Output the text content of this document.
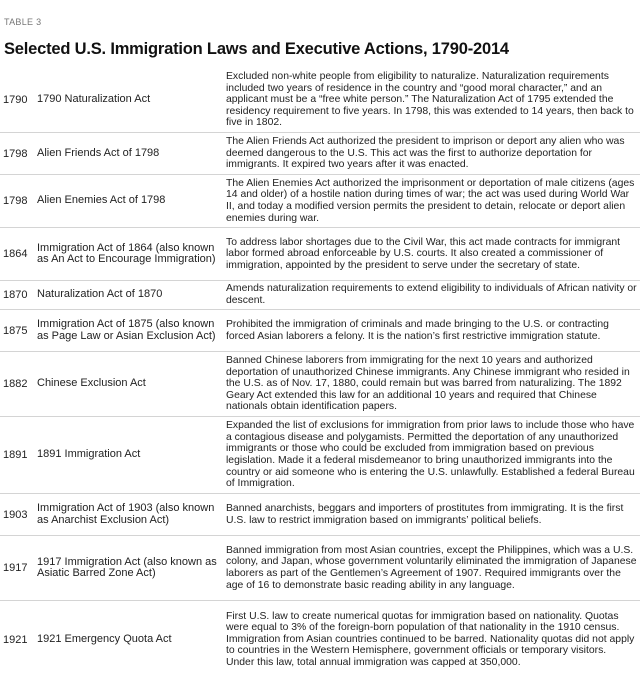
TABLE 3
Selected U.S. Immigration Laws and Executive Actions, 1790-2014
1790 1790 Naturalization Act
Excluded non-white people from eligibility to naturalize. Naturalization requirements included two years of residence in the country and “good moral character,” and an applicant must be a “free white person.” The Naturalization Act of 1795 extended the residency requirement to five years. In 1798, this was extended to 14 years, then back to five in 1802.
1798 Alien Friends Act of 1798
The Alien Friends Act authorized the president to imprison or deport any alien who was deemed dangerous to the U.S. This act was the first to authorize deportation for immigrants. It expired two years after it was enacted.
1798 Alien Enemies Act of 1798
The Alien Enemies Act authorized the imprisonment or deportation of male citizens (ages 14 and older) of a hostile nation during times of war; the act was used during World War II, and today a modified version permits the president to detain, relocate or deport alien enemies during war.
1864
Immigration Act of 1864 (also known as An Act to Encourage Immigration)
To address labor shortages due to the Civil War, this act made contracts for immigrant labor formed abroad enforceable by U.S. courts. It also created a commissioner of immigration, appointed by the president to serve under the secretary of state.
1870 Naturalization Act of 1870	Amends naturalization requirements to extend eligibility to individuals of African nativity or descent.
1875
Immigration Act of 1875 (also known as Page Law or Asian Exclusion Act)
Prohibited the immigration of criminals and made bringing to the U.S. or contracting forced Asian laborers a felony. It is the nation’s first restrictive immigration statute.
1882 Chinese Exclusion Act
Banned Chinese laborers from immigrating for the next 10 years and authorized deportation of unauthorized Chinese immigrants. Any Chinese immigrant who resided in the U.S. as of Nov. 17, 1880, could remain but was barred from naturalizing. The 1892 Geary Act extended this law for an additional 10 years and required that Chinese nationals obtain identification papers.
1891 1891 Immigration Act
Expanded the list of exclusions for immigration from prior laws to include those who have a contagious disease and polygamists. Permitted the deportation of any unauthorized immigrants or those who could be excluded from immigration based on previous legislation. Made it a federal misdemeanor to bring unauthorized immigrants into the country or aid someone who is entering the U.S. unlawfully. Established a federal Bureau of Immigration.
1903
Immigration Act of 1903 (also known as Anarchist Exclusion Act)
Banned anarchists, beggars and importers of prostitutes from immigrating. It is the first U.S. law to restrict immigration based on immigrants’ political beliefs.
1917
1917 Immigration Act (also known as Asiatic Barred Zone Act)
Banned immigration from most Asian countries, except the Philippines, which was a U.S. colony, and Japan, whose government voluntarily eliminated the immigration of Japanese laborers as part of the Gentlemen’s Agreement of 1907. Required immigrants over the age of 16 to demonstrate basic reading ability in any language.
1921 1921 Emergency Quota Act
First U.S. law to create numerical quotas for immigration based on nationality. Quotas were equal to 3% of the foreign-born population of that nationality in the 1910 census. Immigration from Asian countries continued to be barred. Nationality quotas did not apply to countries in the Western Hemisphere, government officials or temporary visitors. Under this law, total annual immigration was capped at 350,000.
